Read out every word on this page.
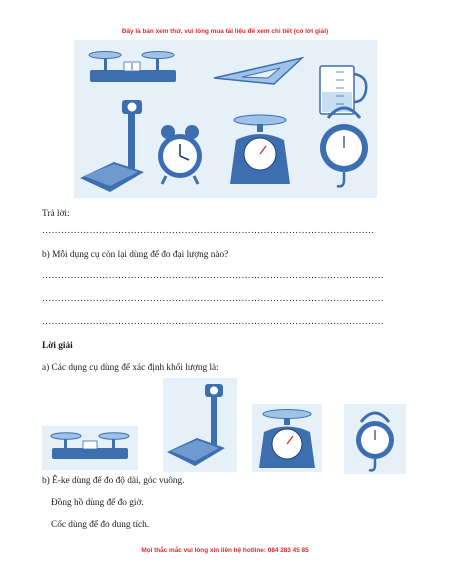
Đây là bản xem thử, vui lòng mua tài liệu để xem chi tiết (có lời giải)
Trả lời:
……………………………………………………………………………………………
b) Mỗi dụng cụ còn lại dùng để đo đại lượng nào?
………………………………………………………………………………………………
………………………………………………………………………………………………
………………………………………………………………………………………………
Lời giải
a) Các dụng cụ dùng để xác định khối lượng là:
b) Ê-ke dùng để đo độ dài, góc vuông.
Đồng hồ dùng để đo giờ.
Cốc dùng để đo dung tích.
Mọi thắc mắc vui lòng xin liên hệ hotline: 084 283 45 85
